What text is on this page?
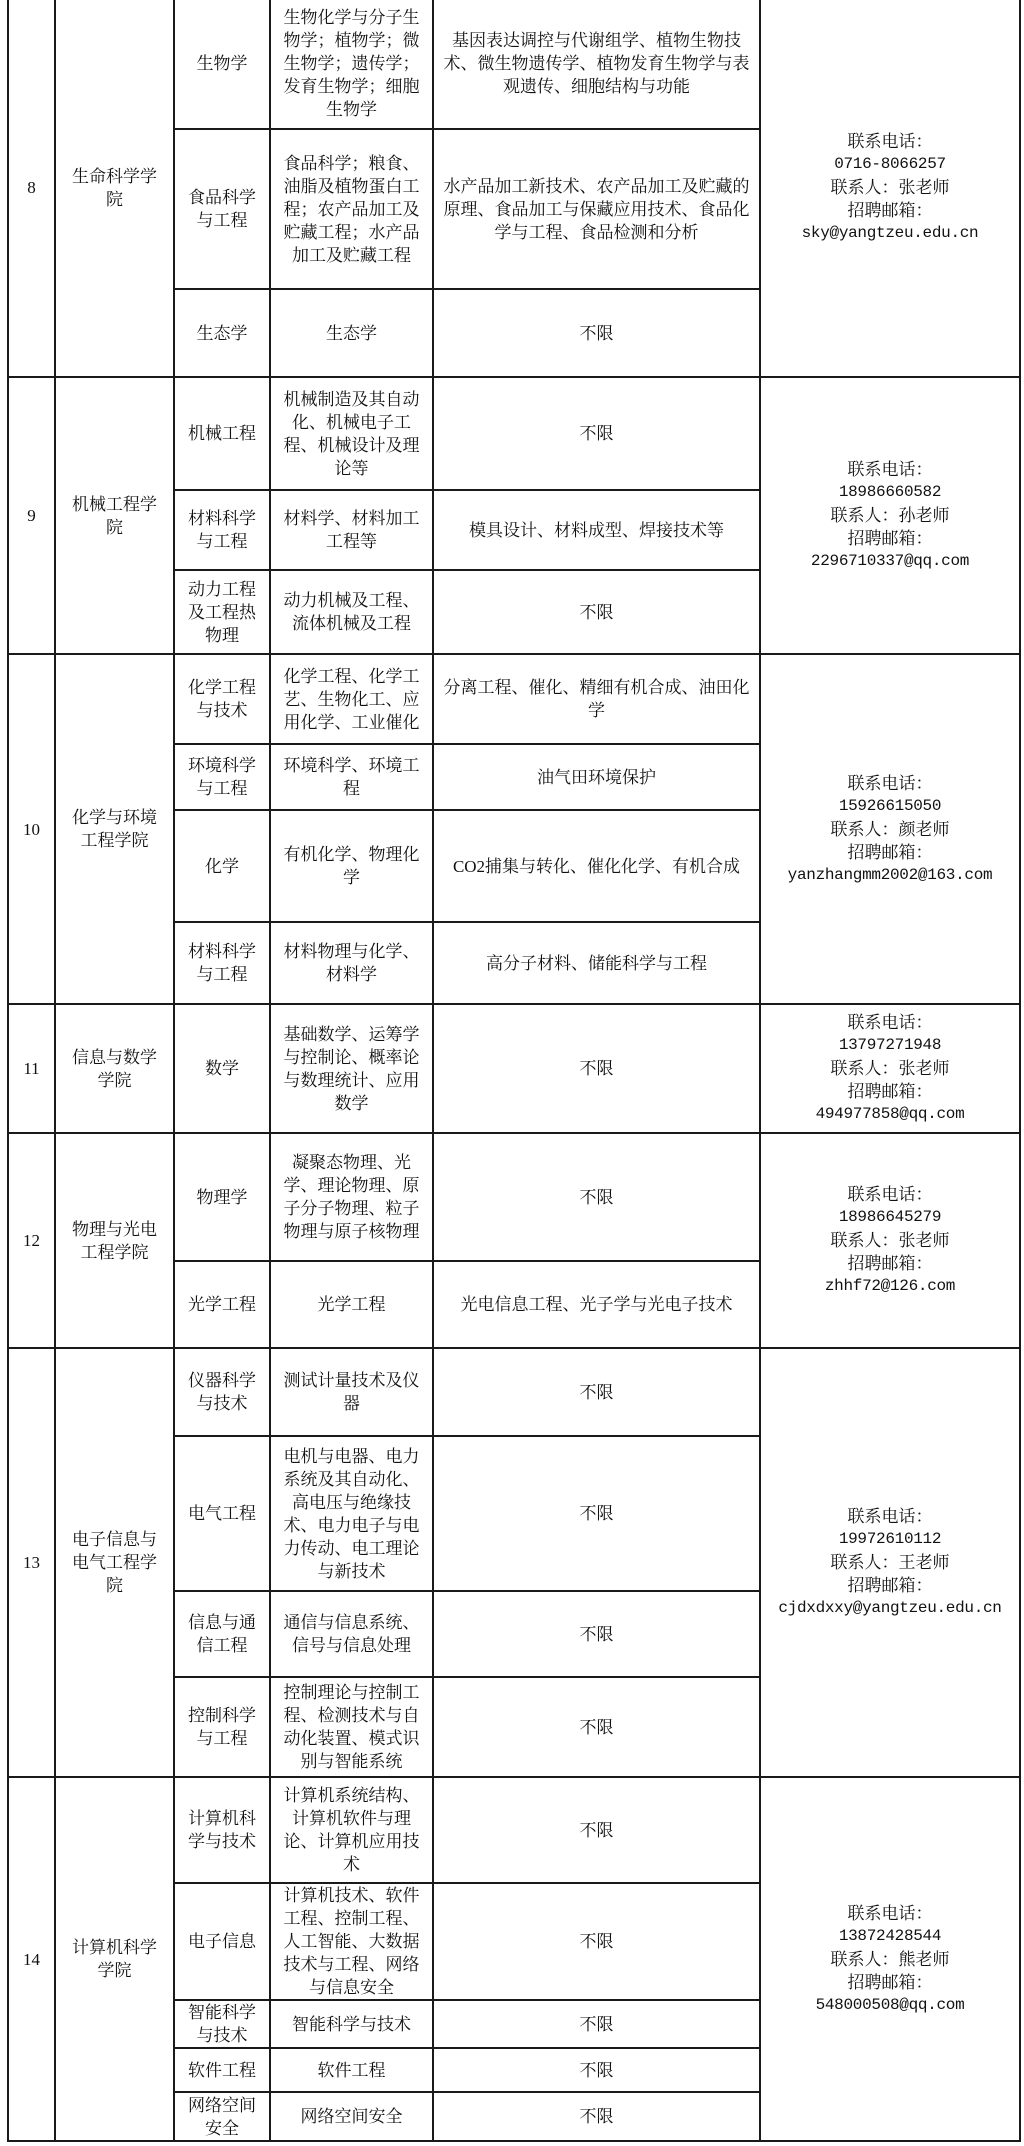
8	生命科学学院	生物学	生物化学与分子生物学；植物学；微生物学；遗传学；发育生物学；细胞生物学	基因表达调控与代谢组学、植物生物技术、微生物遗传学、植物发育生物学与表观遗传、细胞结构与功能	联系电话：
0716-8066257
联系人：张老师
招聘邮箱：
sky@yangtzeu.edu.cn

		食品科学与工程	食品科学；粮食、油脂及植物蛋白工程；农产品加工及贮藏工程；水产品加工及贮藏工程	水产品加工新技术、农产品加工及贮藏的原理、食品加工与保藏应用技术、食品化学与工程、食品检测和分析	
		生态学	生态学	不限	
9	机械工程学院	机械工程	机械制造及其自动化、机械电子工程、机械设计及理论等	不限	联系电话：
18986660582
联系人：孙老师
招聘邮箱：
2296710337@qq.com

		材料科学与工程	材料学、材料加工工程等	模具设计、材料成型、焊接技术等	
		动力工程及工程热物理	动力机械及工程、流体机械及工程	不限	
10	化学与环境工程学院	化学工程与技术	化学工程、化学工艺、生物化工、应用化学、工业催化	分离工程、催化、精细有机合成、油田化学	联系电话：
15926615050
联系人：颜老师
招聘邮箱：
yanzhangmm2002@163.com

		环境科学与工程	环境科学、环境工程	油气田环境保护	
		化学	有机化学、物理化学	CO2捕集与转化、催化化学、有机合成	
		材料科学与工程	材料物理与化学、材料学	高分子材料、储能科学与工程	
11	信息与数学学院	数学	基础数学、运筹学与控制论、概率论与数理统计、应用数学	不限	联系电话：
13797271948
联系人：张老师
招聘邮箱：
494977858@qq.com

12	物理与光电工程学院	物理学	凝聚态物理、光学、理论物理、原子分子物理、粒子物理与原子核物理	不限	联系电话：
18986645279
联系人：张老师
招聘邮箱：
zhhf72@126.com

		光学工程	光学工程	光电信息工程、光子学与光电子技术	
13	电子信息与电气工程学院	仪器科学与技术	测试计量技术及仪器	不限	联系电话：
19972610112
联系人：王老师
招聘邮箱：
cjdxdxxy@yangtzeu.edu.cn

		电气工程	电机与电器、电力系统及其自动化、高电压与绝缘技术、电力电子与电力传动、电工理论与新技术	不限	
		信息与通信工程	通信与信息系统、信号与信息处理	不限	
		控制科学与工程	控制理论与控制工程、检测技术与自动化装置、模式识别与智能系统	不限	
14	计算机科学学院	计算机科学与技术	计算机系统结构、计算机软件与理论、计算机应用技术	不限	联系电话：
13872428544
联系人：熊老师
招聘邮箱：
548000508@qq.com

		电子信息	计算机技术、软件工程、控制工程、人工智能、大数据技术与工程、网络与信息安全	不限	
		智能科学与技术	智能科学与技术	不限	
		软件工程	软件工程	不限	
		网络空间安全	网络空间安全	不限	
